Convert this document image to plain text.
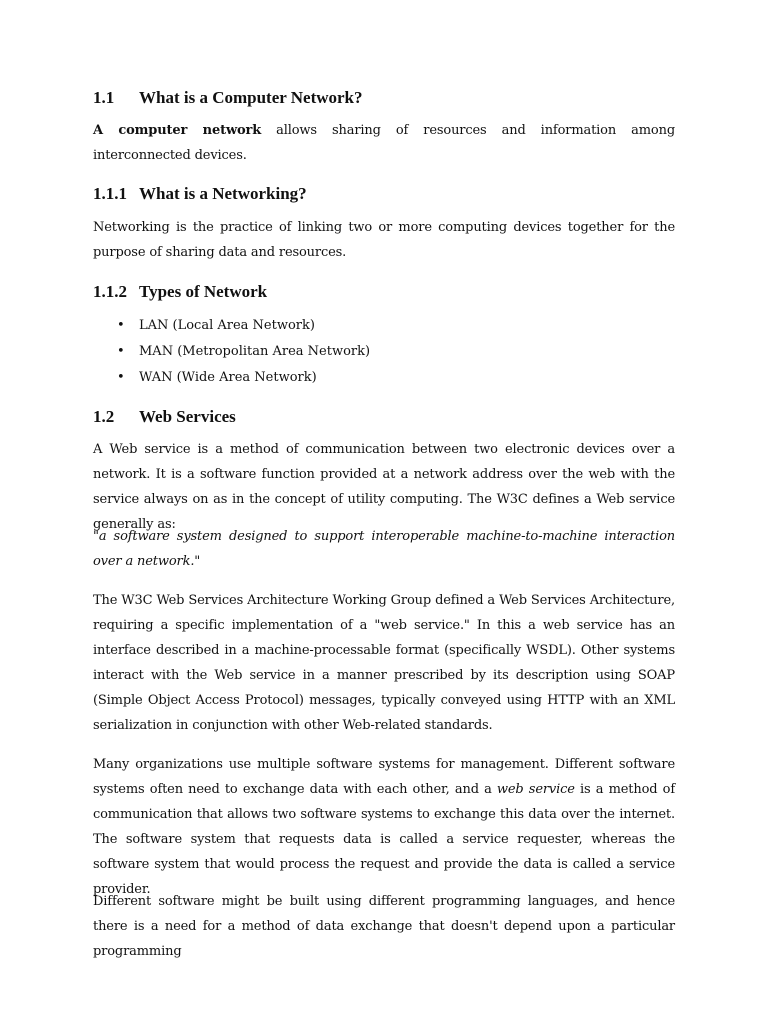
1.1 What is a Computer Network?
A computer network allows sharing of resources and information among interconnected devices.
1.1.1 What is a Networking?
Networking is the practice of linking two or more computing devices together for the purpose of sharing data and resources.
1.1.2 Types of Network
• LAN (Local Area Network)
• MAN (Metropolitan Area Network)
• WAN (Wide Area Network)
1.2 Web Services
A Web service is a method of communication between two electronic devices over a network. It is a software function provided at a network address over the web with the service always on as in the concept of utility computing. The W3C defines a Web service generally as:
"a software system designed to support interoperable machine-to-machine interaction over a network."
The W3C Web Services Architecture Working Group defined a Web Services Architecture, requiring a specific implementation of a "web service." In this a web service has an interface described in a machine-processable format (specifically WSDL). Other systems interact with the Web service in a manner prescribed by its description using SOAP (Simple Object Access Protocol) messages, typically conveyed using HTTP with an XML serialization in conjunction with other Web-related standards.
Many organizations use multiple software systems for management. Different software systems often need to exchange data with each other, and a web service is a method of communication that allows two software systems to exchange this data over the internet. The software system that requests data is called a service requester, whereas the software system that would process the request and provide the data is called a service provider.
Different software might be built using different programming languages, and hence there is a need for a method of data exchange that doesn't depend upon a particular programming
